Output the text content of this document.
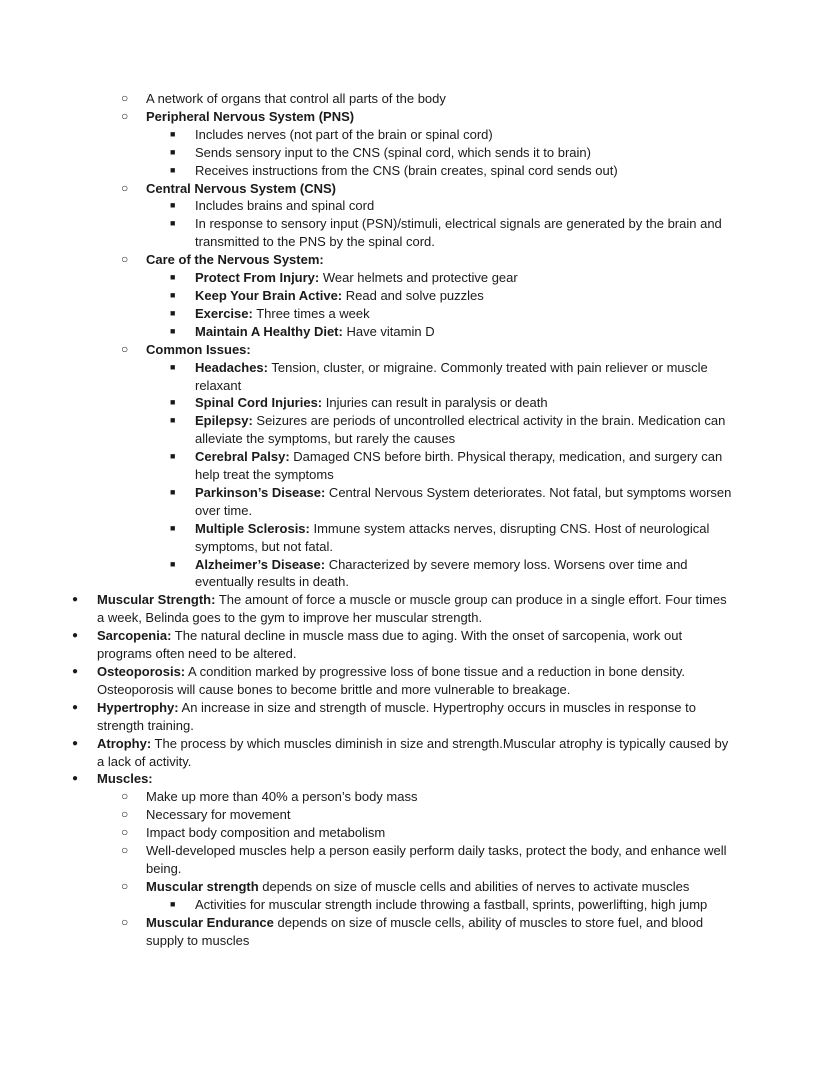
○ A network of organs that control all parts of the body
○ Peripheral Nervous System (PNS)
■ Includes nerves (not part of the brain or spinal cord)
■ Sends sensory input to the CNS (spinal cord, which sends it to brain)
■ Receives instructions from the CNS (brain creates, spinal cord sends out)
○ Central Nervous System (CNS)
■ Includes brains and spinal cord
■ In response to sensory input (PSN)/stimuli, electrical signals are generated by the brain and transmitted to the PNS by the spinal cord.
○ Care of the Nervous System:
■ Protect From Injury: Wear helmets and protective gear
■ Keep Your Brain Active: Read and solve puzzles
■ Exercise: Three times a week
■ Maintain A Healthy Diet: Have vitamin D
○ Common Issues:
■ Headaches: Tension, cluster, or migraine. Commonly treated with pain reliever or muscle relaxant
■ Spinal Cord Injuries: Injuries can result in paralysis or death
■ Epilepsy: Seizures are periods of uncontrolled electrical activity in the brain. Medication can alleviate the symptoms, but rarely the causes
■ Cerebral Palsy: Damaged CNS before birth. Physical therapy, medication, and surgery can help treat the symptoms
■ Parkinson’s Disease: Central Nervous System deteriorates. Not fatal, but symptoms worsen over time.
■ Multiple Sclerosis: Immune system attacks nerves, disrupting CNS. Host of neurological symptoms, but not fatal.
■ Alzheimer’s Disease: Characterized by severe memory loss. Worsens over time and eventually results in death.
● Muscular Strength: The amount of force a muscle or muscle group can produce in a single effort. Four times a week, Belinda goes to the gym to improve her muscular strength.
● Sarcopenia: The natural decline in muscle mass due to aging. With the onset of sarcopenia, work out programs often need to be altered.
● Osteoporosis: A condition marked by progressive loss of bone tissue and a reduction in bone density. Osteoporosis will cause bones to become brittle and more vulnerable to breakage.
● Hypertrophy: An increase in size and strength of muscle. Hypertrophy occurs in muscles in response to strength training.
● Atrophy: The process by which muscles diminish in size and strength.Muscular atrophy is typically caused by a lack of activity.
● Muscles:
○ Make up more than 40% a person’s body mass
○ Necessary for movement
○ Impact body composition and metabolism
○ Well-developed muscles help a person easily perform daily tasks, protect the body, and enhance well being.
○ Muscular strength depends on size of muscle cells and abilities of nerves to activate muscles
■ Activities for muscular strength include throwing a fastball, sprints, powerlifting, high jump
○ Muscular Endurance depends on size of muscle cells, ability of muscles to store fuel, and blood supply to muscles
